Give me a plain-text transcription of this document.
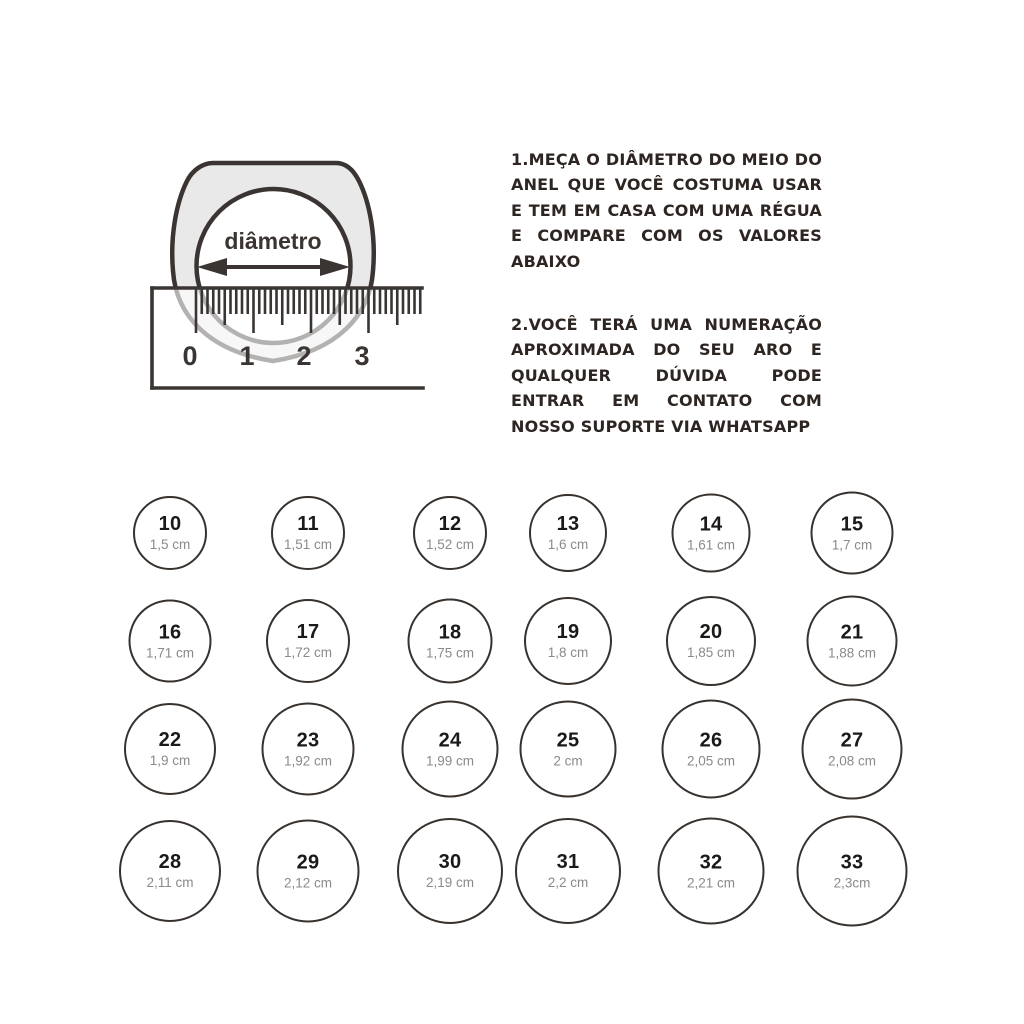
diâmetro
0 1 2 3

1.MEÇA O DIÂMETRO DO MEIO DO ANEL QUE VOCÊ COSTUMA USAR E TEM EM CASA COM UMA RÉGUA E COMPARE COM OS VALORES ABAIXO

2.VOCÊ TERÁ UMA NUMERAÇÃO APROXIMADA DO SEU ARO E QUALQUER DÚVIDA PODE ENTRAR EM CONTATO COM NOSSO SUPORTE VIA WHATSAPP

10
1,5 cm
11
1,51 cm
12
1,52 cm
13
1,6 cm
14
1,61 cm
15
1,7 cm
16
1,71 cm
17
1,72 cm
18
1,75 cm
19
1,8 cm
20
1,85 cm
21
1,88 cm
22
1,9 cm
23
1,92 cm
24
1,99 cm
25
2 cm
26
2,05 cm
27
2,08 cm
28
2,11 cm
29
2,12 cm
30
2,19 cm
31
2,2 cm
32
2,21 cm
33
2,3cm
